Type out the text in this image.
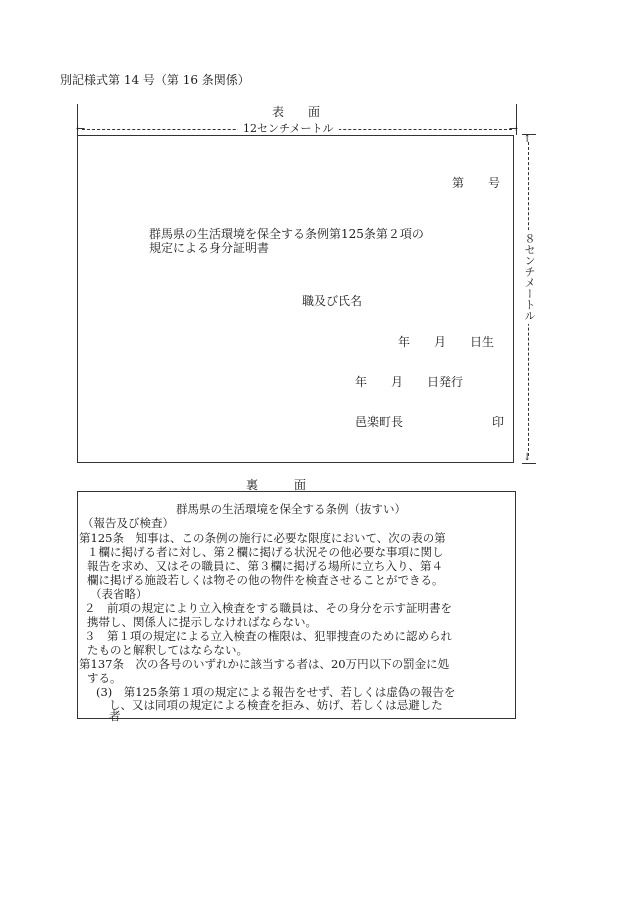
別記様式第 14 号（第 16 条関係）
表　　面
←	→
12センチメートル
第　　号
群馬県の生活環境を保全する条例第125条第２項の
規定による身分証明書
職及び氏名
年　　月　　日生
年　　月　　日発行
邑楽町長	印
↑
↓
８センチメートル
裏　　　面
群馬県の生活環境を保全する条例（抜すい）
（報告及び検査）
第125条　知事は、この条例の施行に必要な限度において、次の表の第
１欄に掲げる者に対し、第２欄に掲げる状況その他必要な事項に関し
報告を求め、又はその職員に、第３欄に掲げる場所に立ち入り、第４
欄に掲げる施設若しくは物その他の物件を検査させることができる。
（表省略）
２　前項の規定により立入検査をする職員は、その身分を示す証明書を
携帯し、関係人に提示しなければならない。
３　第１項の規定による立入検査の権限は、犯罪捜査のために認められ
たものと解釈してはならない。
第137条　次の各号のいずれかに該当する者は、20万円以下の罰金に処
する。
(3)　第125条第１項の規定による報告をせず、若しくは虚偽の報告を
し、又は同項の規定による検査を拒み、妨げ、若しくは忌避した
者
